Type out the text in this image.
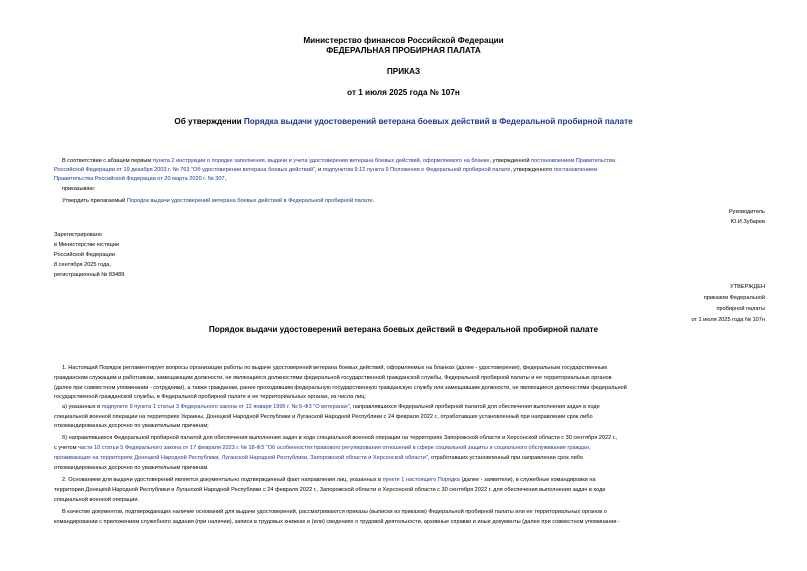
Министерство финансов Российской Федерации
ФЕДЕРАЛЬНАЯ ПРОБИРНАЯ ПАЛАТА
ПРИКАЗ
от 1 июля 2025 года № 107н
Об утверждении Порядка выдачи удостоверений ветерана боевых действий в Федеральной пробирной палате
В соответствии с абзацем первым пункта 2 инструкции о порядке заполнения, выдачи и учета удостоверения ветерана боевых действий, оформляемого на бланке, утвержденной постановлением Правительства
Российской Федерации от 19 декабря 2003 г. № 763 "Об удостоверении ветерана боевых действий", и подпунктом 9.12 пункта 9 Положения о Федеральной пробирной палате, утвержденного постановлением
Правительства Российской Федерации от 20 марта 2020 г. № 307,
приказываю:
Утвердить прилагаемый Порядок выдачи удостоверений ветерана боевых действий в Федеральной пробирной палате.
Руководитель
Ю.И.Зубарев
Зарегистрировано
в Министерстве юстиции
Российской Федерации
8 сентября 2025 года,
регистрационный № 83489
УТВЕРЖДЕН
приказом Федеральной
пробирной палаты
от 1 июля 2025 года № 107н
Порядок выдачи удостоверений ветерана боевых действий в Федеральной пробирной палате
1. Настоящий Порядок регламентирует вопросы организации работы по выдаче удостоверений ветерана боевых действий, оформляемых на бланках (далее - удостоверения), федеральным государственным
гражданским служащим и работникам, замещающим должности, не являющиеся должностями федеральной государственной гражданской службы, Федеральной пробирной палаты и ее территориальных органов
(далее при совместном упоминании - сотрудники), а также гражданам, ранее проходившим федеральную государственную гражданскую службу или замещавшим должности, не являющиеся должностями федеральной
государственной гражданской службы, в Федеральной пробирной палате и ее территориальных органах, из числа лиц:
а) указанных в подпункте 9 пункта 1 статьи 3 Федерального закона от 12 января 1995 г. № 5-ФЗ "О ветеранах", направлявшихся Федеральной пробирной палатой для обеспечения выполнения задач в ходе
специальной военной операции на территориях Украины, Донецкой Народной Республики и Луганской Народной Республики с 24 февраля 2022 г., отработавших установленный при направлении срок либо
откомандированных досрочно по уважительным причинам;
б) направлявшихся Федеральной пробирной палатой для обеспечения выполнения задач в ходе специальной военной операции на территориях Запорожской области и Херсонской области с 30 сентября 2022 г.,
с учетом части 10 статьи 5 Федерального закона от 17 февраля 2023 г. № 18-ФЗ "Об особенностях правового регулирования отношений в сфере социальной защиты и социального обслуживания граждан,
проживающих на территориях Донецкой Народной Республики, Луганской Народной Республики, Запорожской области и Херсонской области", отработавших установленный при направлении срок либо
откомандированных досрочно по уважительным причинам.
2. Основанием для выдачи удостоверений является документально подтвержденный факт направления лиц, указанных в пункте 1 настоящего Порядка (далее - заявители), в служебные командировки на
территории Донецкой Народной Республики и Луганской Народной Республики с 24 февраля 2022 г., Запорожской области и Херсонской области с 30 сентября 2022 г. для обеспечения выполнения задач в ходе
специальной военной операции.
В качестве документов, подтверждающих наличие оснований для выдачи удостоверений, рассматриваются приказы (выписки из приказов) Федеральной пробирной палаты или ее территориальных органов о
командировании с приложением служебного задания (при наличии), записи в трудовых книжках и (или) сведениях о трудовой деятельности, архивные справки и иные документы (далее при совместном упоминании -
